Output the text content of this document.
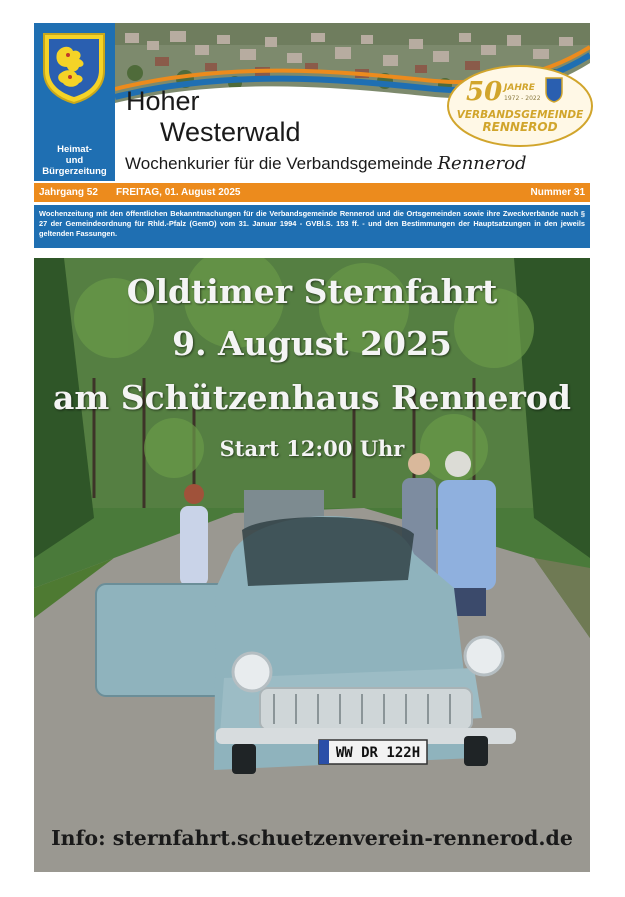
Heimat-
und
Bürgerzeitung
Hoher
Westerwald
Wochenkurier für die Verbandsgemeinde Rennerod
50 JAHRE
1972 - 2022
VERBANDSGEMEINDE
RENNEROD
Jahrgang 52 FREITAG, 01. August 2025	Nummer 31
Wochenzeitung mit den öffentlichen Bekanntmachungen für die Verbandsgemeinde Rennerod und die Ortsgemeinden sowie ihre Zweckverbände nach § 27 der Gemeindeordnung für Rhld.-Pfalz (GemO) vom 31. Januar 1994 - GVBl.S. 153 ff. - und den Bestimmungen der Hauptsatzungen in den jeweils geltenden Fassungen.
WW DR 122H
Oldtimer Sternfahrt
9. August 2025
am Schützenhaus Rennerod
Start 12:00 Uhr
Info: sternfahrt.schuetzenverein-rennerod.de
